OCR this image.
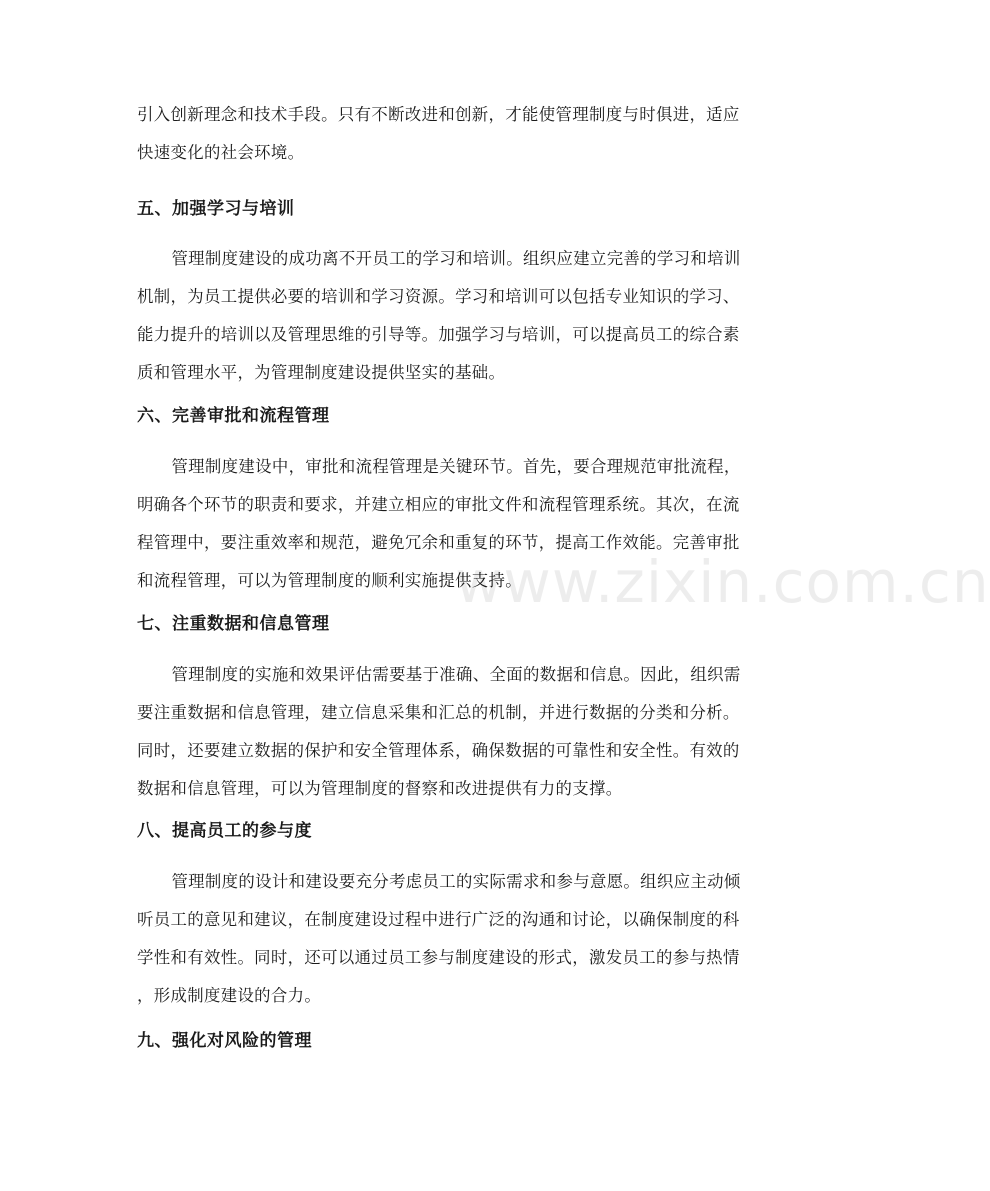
引入创新理念和技术手段。只有不断改进和创新，才能使管理制度与时俱进，适应

快速变化的社会环境。

五、加强学习与培训

管理制度建设的成功离不开员工的学习和培训。组织应建立完善的学习和培训

机制，为员工提供必要的培训和学习资源。学习和培训可以包括专业知识的学习、

能力提升的培训以及管理思维的引导等。加强学习与培训，可以提高员工的综合素

质和管理水平，为管理制度建设提供坚实的基础。

六、完善审批和流程管理

管理制度建设中，审批和流程管理是关键环节。首先，要合理规范审批流程，

明确各个环节的职责和要求，并建立相应的审批文件和流程管理系统。其次，在流

程管理中，要注重效率和规范，避免冗余和重复的环节，提高工作效能。完善审批

和流程管理，可以为管理制度的顺利实施提供支持。

七、注重数据和信息管理

管理制度的实施和效果评估需要基于准确、全面的数据和信息。因此，组织需

要注重数据和信息管理，建立信息采集和汇总的机制，并进行数据的分类和分析。

同时，还要建立数据的保护和安全管理体系，确保数据的可靠性和安全性。有效的

数据和信息管理，可以为管理制度的督察和改进提供有力的支撑。

八、提高员工的参与度

管理制度的设计和建设要充分考虑员工的实际需求和参与意愿。组织应主动倾

听员工的意见和建议，在制度建设过程中进行广泛的沟通和讨论，以确保制度的科

学性和有效性。同时，还可以通过员工参与制度建设的形式，激发员工的参与热情

，形成制度建设的合力。

九、强化对风险的管理
www.zixin.com.cn
